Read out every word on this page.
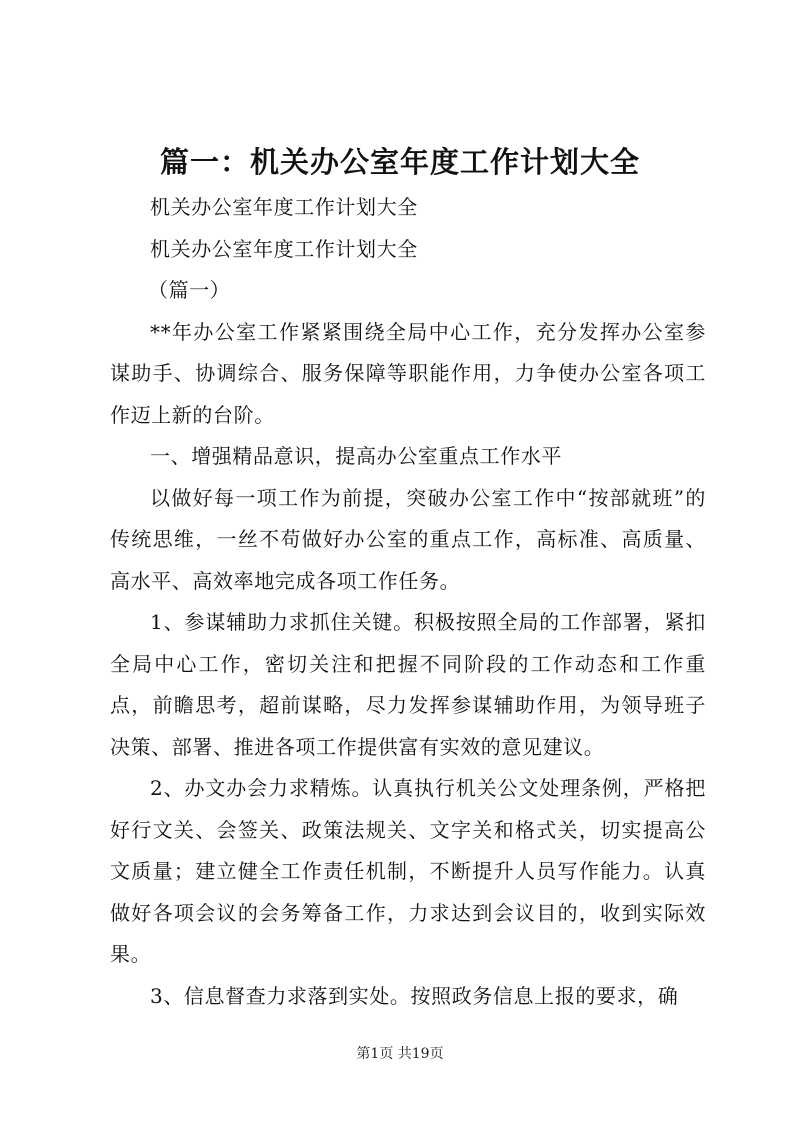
篇一：机关办公室年度工作计划大全

机关办公室年度工作计划大全

机关办公室年度工作计划大全

（篇一）

**年办公室工作紧紧围绕全局中心工作，充分发挥办公室参谋助手、协调综合、服务保障等职能作用，力争使办公室各项工作迈上新的台阶。

一、增强精品意识，提高办公室重点工作水平

以做好每一项工作为前提，突破办公室工作中“按部就班”的传统思维，一丝不苟做好办公室的重点工作，高标准、高质量、高水平、高效率地完成各项工作任务。

1、参谋辅助力求抓住关键。积极按照全局的工作部署，紧扣全局中心工作，密切关注和把握不同阶段的工作动态和工作重点，前瞻思考，超前谋略，尽力发挥参谋辅助作用，为领导班子决策、部署、推进各项工作提供富有实效的意见建议。

2、办文办会力求精炼。认真执行机关公文处理条例，严格把好行文关、会签关、政策法规关、文字关和格式关，切实提高公文质量；建立健全工作责任机制，不断提升人员写作能力。认真做好各项会议的会务筹备工作，力求达到会议目的，收到实际效果。

3、信息督查力求落到实处。按照政务信息上报的要求，确

第1页 共19页
